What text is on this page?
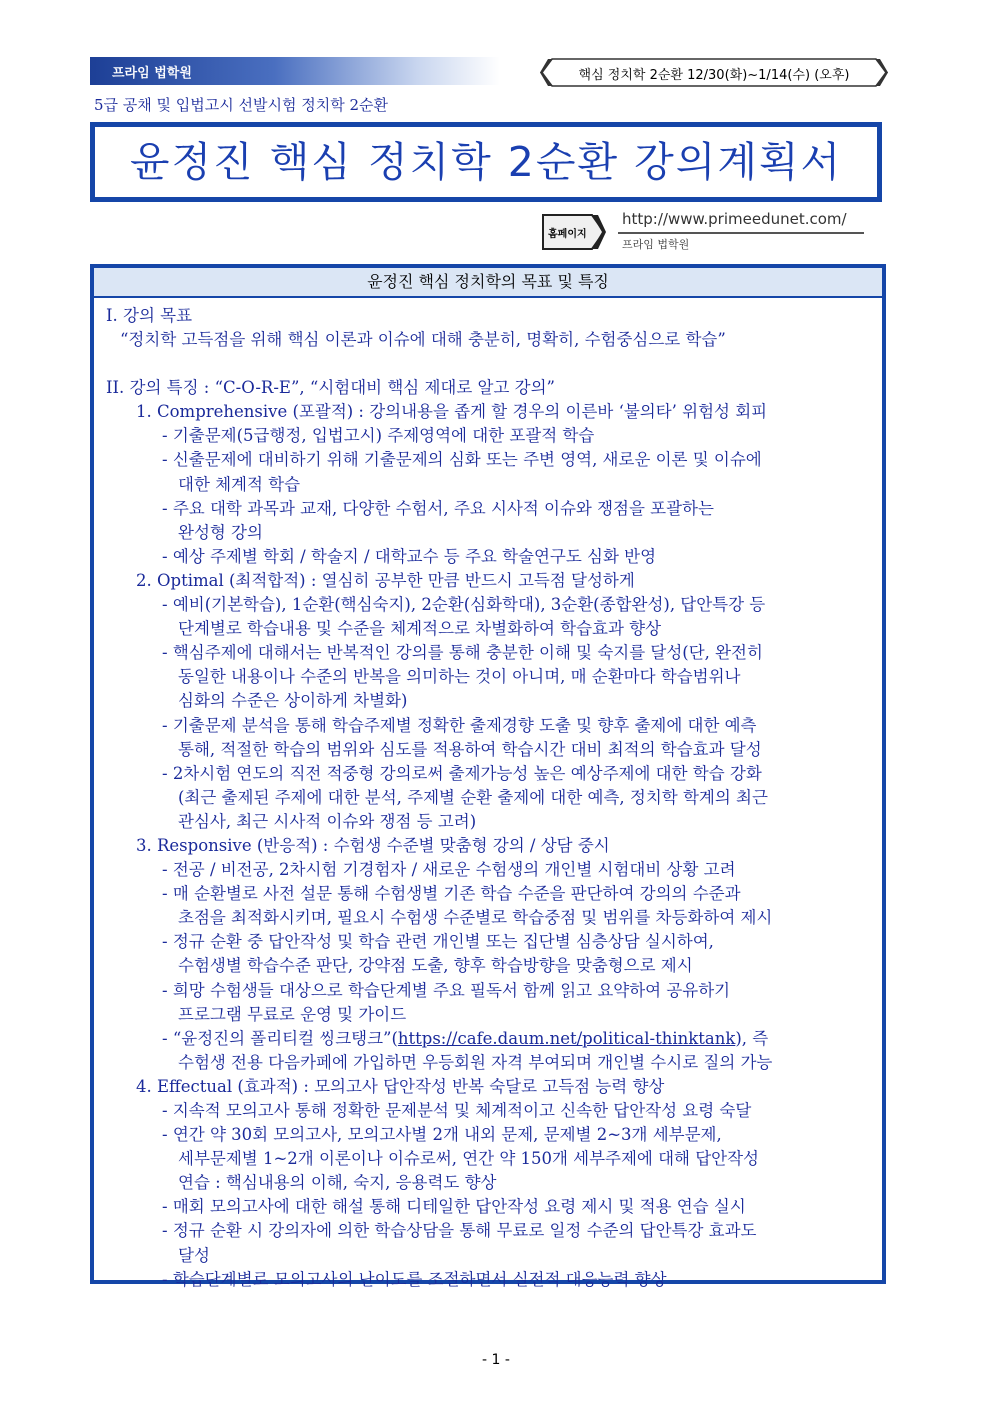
프라임 법학원	핵심 정치학 2순환 12/30(화)~1/14(수) (오후)
5급 공채 및 입법고시 선발시험 정치학 2순환
윤정진 핵심 정치학 2순환 강의계획서
홈페이지
http://www.primeedunet.com/
프라임 법학원
윤정진 핵심 정치학의 목표 및 특징
I. 강의 목표
“정치학 고득점을 위해 핵심 이론과 이슈에 대해 충분히, 명확히, 수험중심으로 학습”
II. 강의 특징 : “C-O-R-E”, “시험대비 핵심 제대로 알고 강의”
1. Comprehensive (포괄적) : 강의내용을 좁게 할 경우의 이른바 ‘불의타’ 위험성 회피
- 기출문제(5급행정, 입법고시) 주제영역에 대한 포괄적 학습
- 신출문제에 대비하기 위해 기출문제의 심화 또는 주변 영역, 새로운 이론 및 이슈에
대한 체계적 학습
- 주요 대학 과목과 교재, 다양한 수험서, 주요 시사적 이슈와 쟁점을 포괄하는
완성형 강의
- 예상 주제별 학회 / 학술지 / 대학교수 등 주요 학술연구도 심화 반영
2. Optimal (최적합적) : 열심히 공부한 만큼 반드시 고득점 달성하게
- 예비(기본학습), 1순환(핵심숙지), 2순환(심화학대), 3순환(종합완성), 답안특강 등
단계별로 학습내용 및 수준을 체계적으로 차별화하여 학습효과 향상
- 핵심주제에 대해서는 반복적인 강의를 통해 충분한 이해 및 숙지를 달성(단, 완전히
동일한 내용이나 수준의 반복을 의미하는 것이 아니며, 매 순환마다 학습범위나
심화의 수준은 상이하게 차별화)
- 기출문제 분석을 통해 학습주제별 정확한 출제경향 도출 및 향후 출제에 대한 예측
통해, 적절한 학습의 범위와 심도를 적용하여 학습시간 대비 최적의 학습효과 달성
- 2차시험 연도의 직전 적중형 강의로써 출제가능성 높은 예상주제에 대한 학습 강화
(최근 출제된 주제에 대한 분석, 주제별 순환 출제에 대한 예측, 정치학 학계의 최근
관심사, 최근 시사적 이슈와 쟁점 등 고려)
3. Responsive (반응적) : 수험생 수준별 맞춤형 강의 / 상담 중시
- 전공 / 비전공, 2차시험 기경험자 / 새로운 수험생의 개인별 시험대비 상황 고려
- 매 순환별로 사전 설문 통해 수험생별 기존 학습 수준을 판단하여 강의의 수준과
초점을 최적화시키며, 필요시 수험생 수준별로 학습중점 및 범위를 차등화하여 제시
- 정규 순환 중 답안작성 및 학습 관련 개인별 또는 집단별 심층상담 실시하여,
수험생별 학습수준 판단, 강약점 도출, 향후 학습방향을 맞춤형으로 제시
- 희망 수험생들 대상으로 학습단계별 주요 필독서 함께 읽고 요약하여 공유하기
프로그램 무료로 운영 및 가이드
- “윤정진의 폴리티컬 씽크탱크”(https://cafe.daum.net/political-thinktank), 즉
수험생 전용 다음카페에 가입하면 우등회원 자격 부여되며 개인별 수시로 질의 가능
4. Effectual (효과적) : 모의고사 답안작성 반복 숙달로 고득점 능력 향상
- 지속적 모의고사 통해 정확한 문제분석 및 체계적이고 신속한 답안작성 요령 숙달
- 연간 약 30회 모의고사, 모의고사별 2개 내외 문제, 문제별 2~3개 세부문제,
세부문제별 1~2개 이론이나 이슈로써, 연간 약 150개 세부주제에 대해 답안작성
연습 : 핵심내용의 이해, 숙지, 응용력도 향상
- 매회 모의고사에 대한 해설 통해 디테일한 답안작성 요령 제시 및 적용 연습 실시
- 정규 순환 시 강의자에 의한 학습상담을 통해 무료로 일정 수준의 답안특강 효과도
달성
- 학습단계별로 모의고사의 난이도를 조절하면서 실전적 대응능력 향상
- 1 -
